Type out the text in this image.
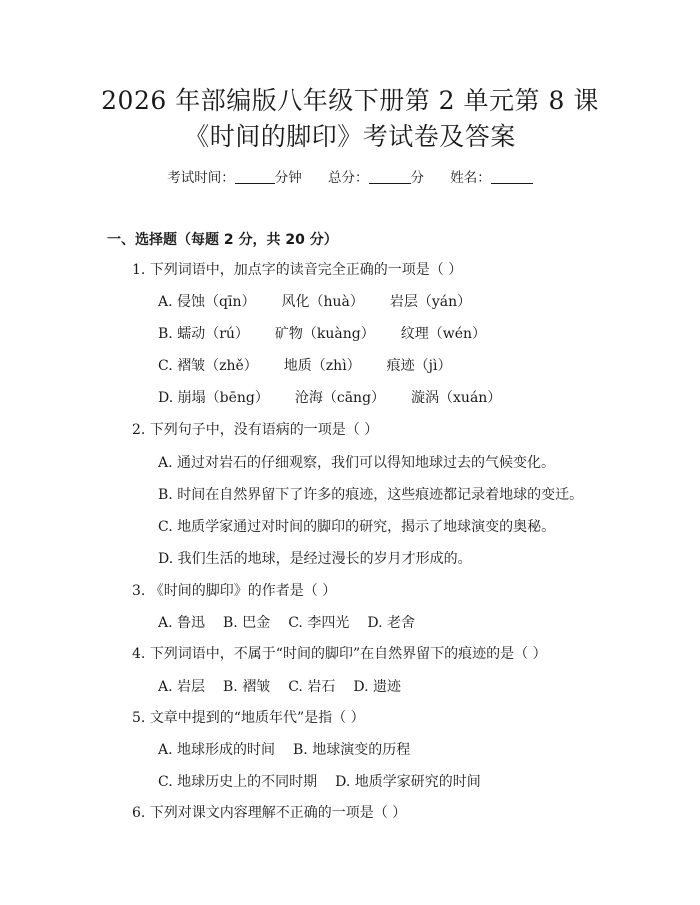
2026 年部编版八年级下册第 2 单元第 8 课
《时间的脚印》考试卷及答案
考试时间：	分钟 总分：	分 姓名：
一、选择题（每题 2 分，共 20 分）
1. 下列词语中，加点字的读音完全正确的一项是（ ）
A. 侵蚀（qīn） 风化（huà） 岩层（yán）
B. 蠕动（rú） 矿物（kuàng） 纹理（wén）
C. 褶皱（zhě） 地质（zhì） 痕迹（jì）
D. 崩塌（bēng） 沧海（cāng） 漩涡（xuán）
2. 下列句子中，没有语病的一项是（ ）
A. 通过对岩石的仔细观察，我们可以得知地球过去的气候变化。
B. 时间在自然界留下了许多的痕迹，这些痕迹都记录着地球的变迁。
C. 地质学家通过对时间的脚印的研究，揭示了地球演变的奥秘。
D. 我们生活的地球，是经过漫长的岁月才形成的。
3. 《时间的脚印》的作者是（ ）
A. 鲁迅 B. 巴金 C. 李四光 D. 老舍
4. 下列词语中，不属于“时间的脚印”在自然界留下的痕迹的是（ ）
A. 岩层 B. 褶皱 C. 岩石 D. 遗迹
5. 文章中提到的“地质年代”是指（ ）
A. 地球形成的时间 B. 地球演变的历程
C. 地球历史上的不同时期 D. 地质学家研究的时间
6. 下列对课文内容理解不正确的一项是（ ）
